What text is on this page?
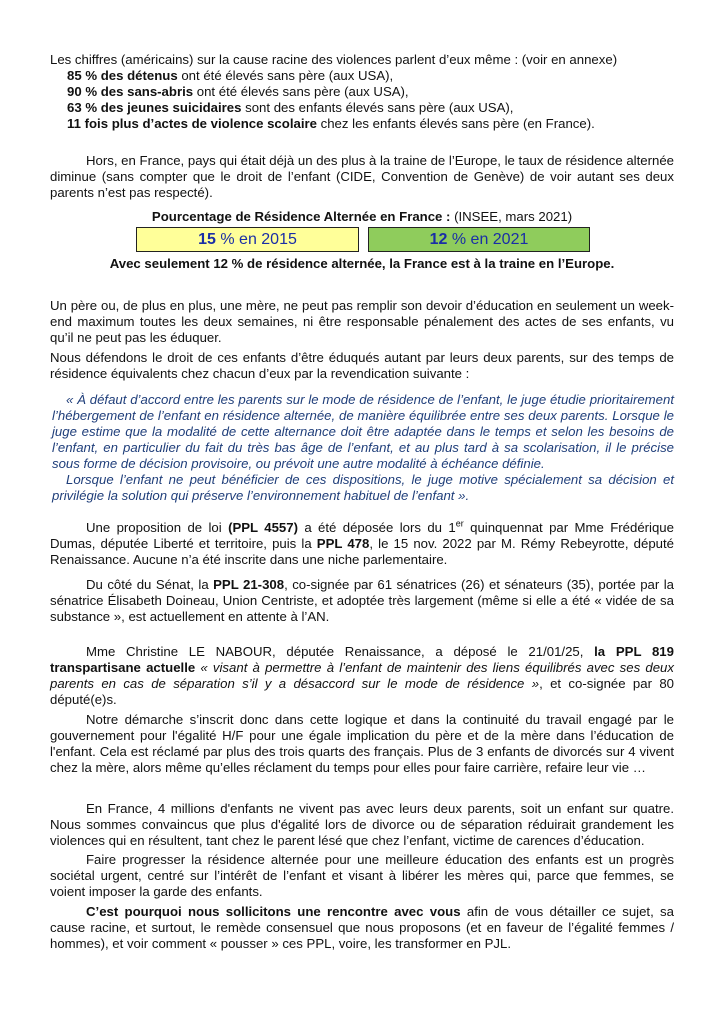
Les chiffres (américains) sur la cause racine des violences parlent d’eux même : (voir en annexe)

85 % des détenus ont été élevés sans père (aux USA),

90 % des sans-abris ont été élevés sans père (aux USA),

63 % des jeunes suicidaires sont des enfants élevés sans père (aux USA),

11 fois plus d’actes de violence scolaire chez les enfants élevés sans père (en France).

Hors, en France, pays qui était déjà un des plus à la traine de l’Europe, le taux de résidence alternée diminue (sans compter que le droit de l’enfant (CIDE, Convention de Genève) de voir autant ses deux parents n’est pas respecté).

Pourcentage de Résidence Alternée en France : (INSEE, mars 2021)

15 % en 2015	12 % en 2021

Avec seulement 12 % de résidence alternée, la France est à la traine en l’Europe.

Un père ou, de plus en plus, une mère, ne peut pas remplir son devoir d’éducation en seulement un week-end maximum toutes les deux semaines, ni être responsable pénalement des actes de ses enfants, vu qu’il ne peut pas les éduquer.

Nous défendons le droit de ces enfants d’être éduqués autant par leurs deux parents, sur des temps de résidence équivalents chez chacun d’eux par la revendication suivante :

« À défaut d’accord entre les parents sur le mode de résidence de l’enfant, le juge étudie prioritairement l’hébergement de l’enfant en résidence alternée, de manière équilibrée entre ses deux parents. Lorsque le juge estime que la modalité de cette alternance doit être adaptée dans le temps et selon les besoins de l’enfant, en particulier du fait du très bas âge de l’enfant, et au plus tard à sa scolarisation, il le précise sous forme de décision provisoire, ou prévoit une autre modalité à échéance définie.

Lorsque l’enfant ne peut bénéficier de ces dispositions, le juge motive spécialement sa décision et privilégie la solution qui préserve l’environnement habituel de l’enfant ».

Une proposition de loi (PPL 4557) a été déposée lors du 1er quinquennat par Mme Frédérique Dumas, députée Liberté et territoire, puis la PPL 478, le 15 nov. 2022 par M. Rémy Rebeyrotte, député Renaissance. Aucune n’a été inscrite dans une niche parlementaire.

Du côté du Sénat, la PPL 21-308, co-signée par 61 sénatrices (26) et sénateurs (35), portée par la sénatrice Élisabeth Doineau, Union Centriste, et adoptée très largement (même si elle a été « vidée de sa substance », est actuellement en attente à l’AN.

Mme Christine LE NABOUR, députée Renaissance, a déposé le 21/01/25, la PPL 819 transpartisane actuelle « visant à permettre à l’enfant de maintenir des liens équilibrés avec ses deux parents en cas de séparation s’il y a désaccord sur le mode de résidence », et co-signée par 80 député(e)s.

Notre démarche s’inscrit donc dans cette logique et dans la continuité du travail engagé par le gouvernement pour l'égalité H/F pour une égale implication du père et de la mère dans l’éducation de l'enfant. Cela est réclamé par plus des trois quarts des français. Plus de 3 enfants de divorcés sur 4 vivent chez la mère, alors même qu’elles réclament du temps pour elles pour faire carrière, refaire leur vie …

En France, 4 millions d'enfants ne vivent pas avec leurs deux parents, soit un enfant sur quatre. Nous sommes convaincus que plus d'égalité lors de divorce ou de séparation réduirait grandement les violences qui en résultent, tant chez le parent lésé que chez l’enfant, victime de carences d’éducation.

Faire progresser la résidence alternée pour une meilleure éducation des enfants est un progrès sociétal urgent, centré sur l’intérêt de l’enfant et visant à libérer les mères qui, parce que femmes, se voient imposer la garde des enfants.

C’est pourquoi nous sollicitons une rencontre avec vous afin de vous détailler ce sujet, sa cause racine, et surtout, le remède consensuel que nous proposons (et en faveur de l’égalité femmes / hommes), et voir comment « pousser » ces PPL, voire, les transformer en PJL.
